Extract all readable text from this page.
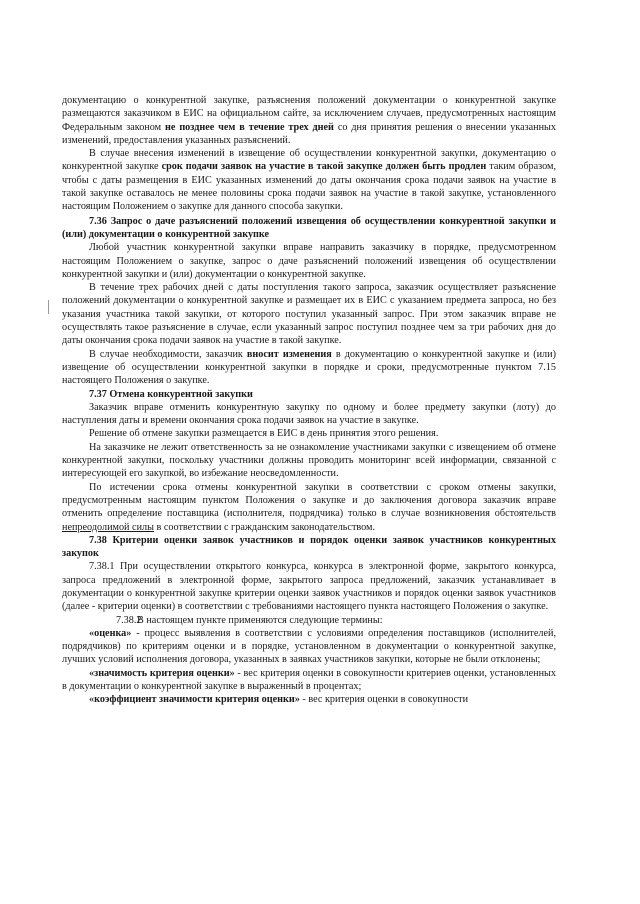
документацию о конкурентной закупке, разъяснения положений документации о конкурентной закупке размещаются заказчиком в ЕИС на официальном сайте, за исключением случаев, предусмотренных настоящим Федеральным законом не позднее чем в течение трех дней со дня принятия решения о внесении указанных изменений, предоставления указанных разъяснений.

В случае внесения изменений в извещение об осуществлении конкурентной закупки, документацию о конкурентной закупке срок подачи заявок на участие в такой закупке должен быть продлен таким образом, чтобы с даты размещения в ЕИС указанных изменений до даты окончания срока подачи заявок на участие в такой закупке оставалось не менее половины срока подачи заявок на участие в такой закупке, установленного настоящим Положением о закупке для данного способа закупки.

7.36 Запрос о даче разъяснений положений извещения об осуществлении конкурентной закупки и (или) документации о конкурентной закупке

Любой участник конкурентной закупки вправе направить заказчику в порядке, предусмотренном настоящим Положением о закупке, запрос о даче разъяснений положений извещения об осуществлении конкурентной закупки и (или) документации о конкурентной закупке.

В течение трех рабочих дней с даты поступления такого запроса, заказчик осуществляет разъяснение положений документации о конкурентной закупке и размещает их в ЕИС с указанием предмета запроса, но без указания участника такой закупки, от которого поступил указанный запрос. При этом заказчик вправе не осуществлять такое разъяснение в случае, если указанный запрос поступил позднее чем за три рабочих дня до даты окончания срока подачи заявок на участие в такой закупке.

В случае необходимости, заказчик вносит изменения в документацию о конкурентной закупке и (или) извещение об осуществлении конкурентной закупки в порядке и сроки, предусмотренные пунктом 7.15 настоящего Положения о закупке.

7.37 Отмена конкурентной закупки

Заказчик вправе отменить конкурентную закупку по одному и более предмету закупки (лоту) до наступления даты и времени окончания срока подачи заявок на участие в закупке.

Решение об отмене закупки размещается в ЕИС в день принятия этого решения.

На заказчике не лежит ответственность за не ознакомление участниками закупки с извещением об отмене конкурентной закупки, поскольку участники должны проводить мониторинг всей информации, связанной с интересующей его закупкой, во избежание неосведомленности.

По истечении срока отмены конкурентной закупки в соответствии с сроком отмены закупки, предусмотренным настоящим пунктом Положения о закупке и до заключения договора заказчик вправе отменить определение поставщика (исполнителя, подрядчика) только в случае возникновения обстоятельств непреодолимой силы в соответствии с гражданским законодательством.

7.38 Критерии оценки заявок участников и порядок оценки заявок участников конкурентных закупок

7.38.1 При осуществлении открытого конкурса, конкурса в электронной форме, закрытого конкурса, запроса предложений в электронной форме, закрытого запроса предложений, заказчик устанавливает в документации о конкурентной закупке критерии оценки заявок участников и порядок оценки заявок участников (далее - критерии оценки) в соответствии с требованиями настоящего пункта настоящего Положения о закупке.

7.38.2В настоящем пункте применяются следующие термины:

«оценка» - процесс выявления в соответствии с условиями определения поставщиков (исполнителей, подрядчиков) по критериям оценки и в порядке, установленном в документации о конкурентной закупке, лучших условий исполнения договора, указанных в заявках участников закупки, которые не были отклонены;

«значимость критерия оценки» - вес критерия оценки в совокупности критериев оценки, установленных в документации о конкурентной закупке в выраженный в процентах;

«коэффициент значимости критерия оценки» - вес критерия оценки в совокупности
